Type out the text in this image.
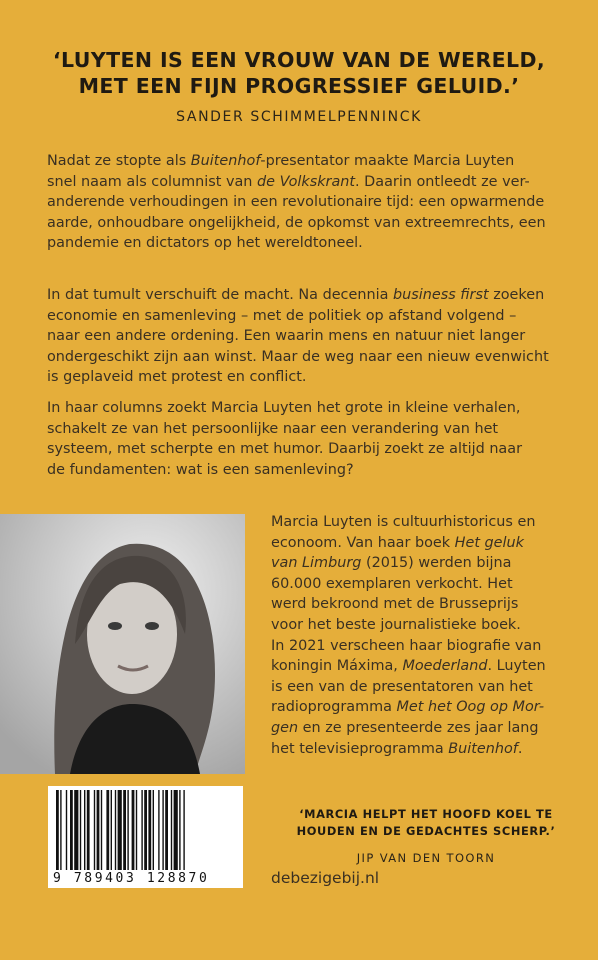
‘LUYTEN IS EEN VROUW VAN DE WERELD,
MET EEN FIJN PROGRESSIEF GELUID.’
SANDER SCHIMMELPENNINCK
Nadat ze stopte als Buitenhof-presentator maakte Marcia Luyten
snel naam als columnist van de Volkskrant. Daarin ontleedt ze ver-
anderende verhoudingen in een revolutionaire tijd: een opwarmende
aarde, onhoudbare ongelijkheid, de opkomst van extreemrechts, een
pandemie en dictators op het wereldtoneel.
In dat tumult verschuift de macht. Na decennia business first zoeken
economie en samenleving – met de politiek op afstand volgend –
naar een andere ordening. Een waarin mens en natuur niet langer
ondergeschikt zijn aan winst. Maar de weg naar een nieuw evenwicht
is geplaveid met protest en conflict.
In haar columns zoekt Marcia Luyten het grote in kleine verhalen,
schakelt ze van het persoonlijke naar een verandering van het
systeem, met scherpte en met humor. Daarbij zoekt ze altijd naar
de fundamenten: wat is een samenleving?
Marcia Luyten is cultuurhistoricus en
econoom. Van haar boek Het geluk
van Limburg (2015) werden bijna
60.000 exemplaren verkocht. Het
werd bekroond met de Brusseprijs
voor het beste journalistieke boek.
In 2021 verscheen haar biografie van
koningin Máxima, Moederland. Luyten
is een van de presentatoren van het
radioprogramma Met het Oog op Mor-
gen en ze presenteerde zes jaar lang
het televisieprogramma Buitenhof.
9 789403 128870
‘MARCIA HELPT HET HOOFD KOEL TE
HOUDEN EN DE GEDACHTES SCHERP.’
JIP VAN DEN TOORN
debezigebij.nl
